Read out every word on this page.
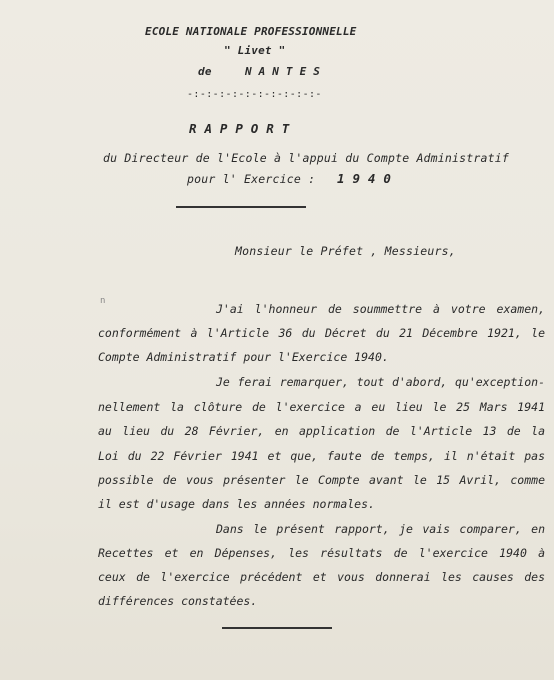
ECOLE NATIONALE PROFESSIONNELLE
" Livet "
de	N A N T E S
-:-:-:-:-:-:-:-:-:-:-
R A P P O R T
du Directeur de l'Ecole à l'appui du Compte Administratif
pour l' Exercice : 1 9 4 0
Monsieur le Préfet , Messieurs,
n
J'ai l'honneur de soummettre à votre examen,
conformément à l'Article 36 du Décret du 21 Décembre 1921, le
Compte Administratif pour l'Exercice 1940.
Je ferai remarquer, tout d'abord, qu'exception-
nellement la clôture de l'exercice a eu lieu le 25 Mars 1941
au lieu du 28 Février, en application de l'Article 13 de la
Loi du 22 Février 1941 et que, faute de temps, il n'était pas
possible de vous présenter le Compte avant le 15 Avril, comme
il est d'usage dans les années normales.
Dans le présent rapport, je vais comparer, en
Recettes et en Dépenses, les résultats de l'exercice 1940 à
ceux de l'exercice précédent et vous donnerai les causes des
différences constatées.
